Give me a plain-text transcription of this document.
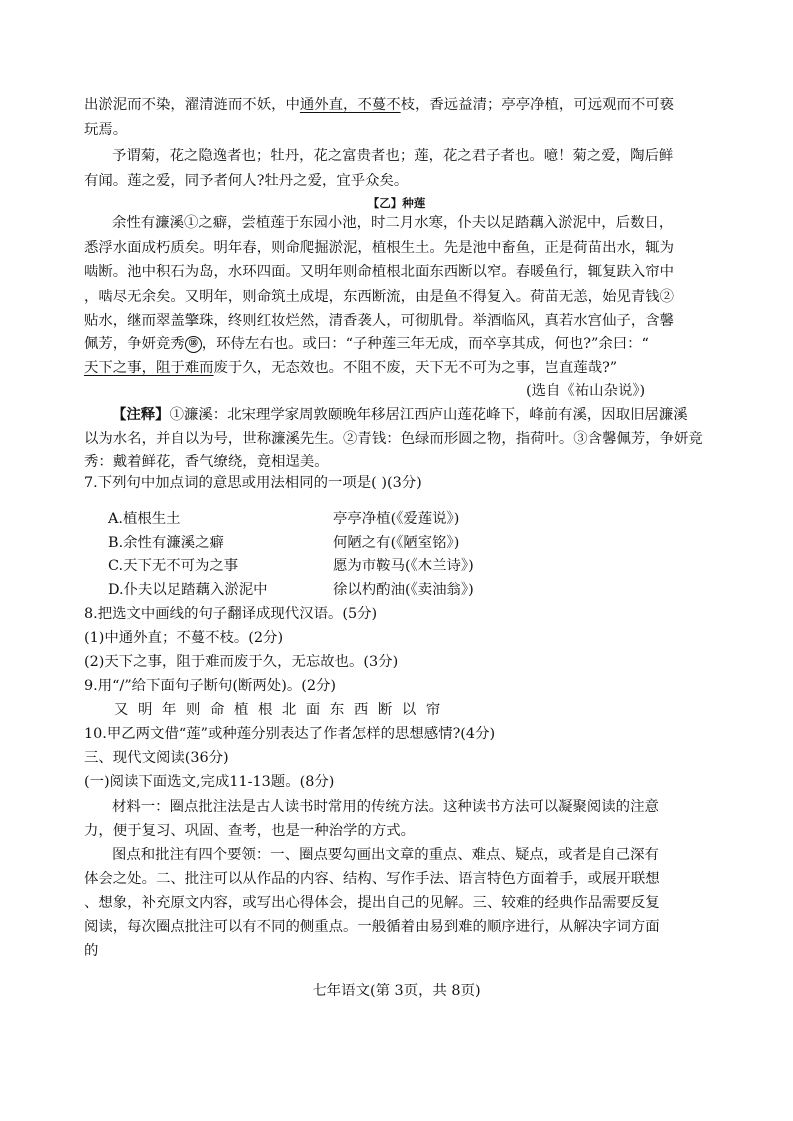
出淤泥而不染，濯清涟而不妖，中通外直，不蔓不枝，香远益清；亭亭净植，可远观而不可亵
玩焉。
予谓菊，花之隐逸者也；牡丹，花之富贵者也；莲，花之君子者也。噫！菊之爱，陶后鲜
有闻。莲之爱，同予者何人?牡丹之爱，宜乎众矣。
【乙】种莲
余性有濂溪①之癖，尝植莲于东园小池，时二月水寒，仆夫以足踏藕入淤泥中，后数日，
悉浮水面成朽质矣。明年春，则命爬掘淤泥，植根生土。先是池中畜鱼，正是荷苗出水，辄为
啮断。池中积石为岛，水环四面。又明年则命植根北面东西断以窄。春暖鱼行，辄复趺入帘中
，啮尽无余矣。又明年，则命筑土成堤，东西断流，由是鱼不得复入。荷苗无恙，始见青钱②
贴水，继而翠盖擎珠，终则红妆烂然，清香袭人，可彻肌骨。举酒临风，真若水宫仙子，含馨
佩芳，争妍竞秀 ⑱ ，环侍左右也。或曰：“子种莲三年无成，而卒享其成，何也?”余曰：“
天下之事，阻于难而废于久，无态效也。不阻不废，天下无不可为之事，岂直莲哉?”
(选自《祐山杂说》)
【注释】①濂溪：北宋理学家周敦颐晚年移居江西庐山莲花峰下，峰前有溪，因取旧居濂溪
以为水名，并自以为号，世称濂溪先生。②青钱：色绿而形圆之物，指荷叶。③含馨佩芳，争妍竞
秀：戴着鲜花，香气缭绕，竟相逞美。
7.下列句中加点词的意思或用法相同的一项是( )(3分)
A.植根生土	亭亭净植(《爱莲说》)
B.余性有濂溪之癖	何陋之有(《陋室铭》)
C.天下无不可为之事	愿为市鞍马(《木兰诗》)
D.仆夫以足踏藕入淤泥中	徐以杓酌油(《卖油翁》)
8.把选文中画线的句子翻译成现代汉语。(5分)
(1)中通外直；不蔓不枝。(2分)
(2)天下之事，阻于难而废于久，无忘故也。(3分)
9.用“/”给下面句子断句(断两处)。(2分)
又明年则命植根北面东西断以帘
10.甲乙两文借“莲”或种莲分别表达了作者怎样的思想感情?(4分)
三、现代文阅读(36分)
(一)阅读下面选文,完成11-13题。(8分)
材料一：圈点批注法是古人读书时常用的传统方法。这种读书方法可以凝聚阅读的注意
力，便于复习、巩固、查考，也是一种治学的方式。
图点和批注有四个要领：一、圈点要勾画出文章的重点、难点、疑点，或者是自己深有
体会之处。二、批注可以从作品的内容、结构、写作手法、语言特色方面着手，或展开联想
、想象，补充原文内容，或写出心得体会，提出自己的见解。三、较难的经典作品需要反复
阅读，每次圈点批注可以有不同的侧重点。一般循着由易到难的顺序进行，从解决字词方面
的
七年语文(第 3页，共 8页)
